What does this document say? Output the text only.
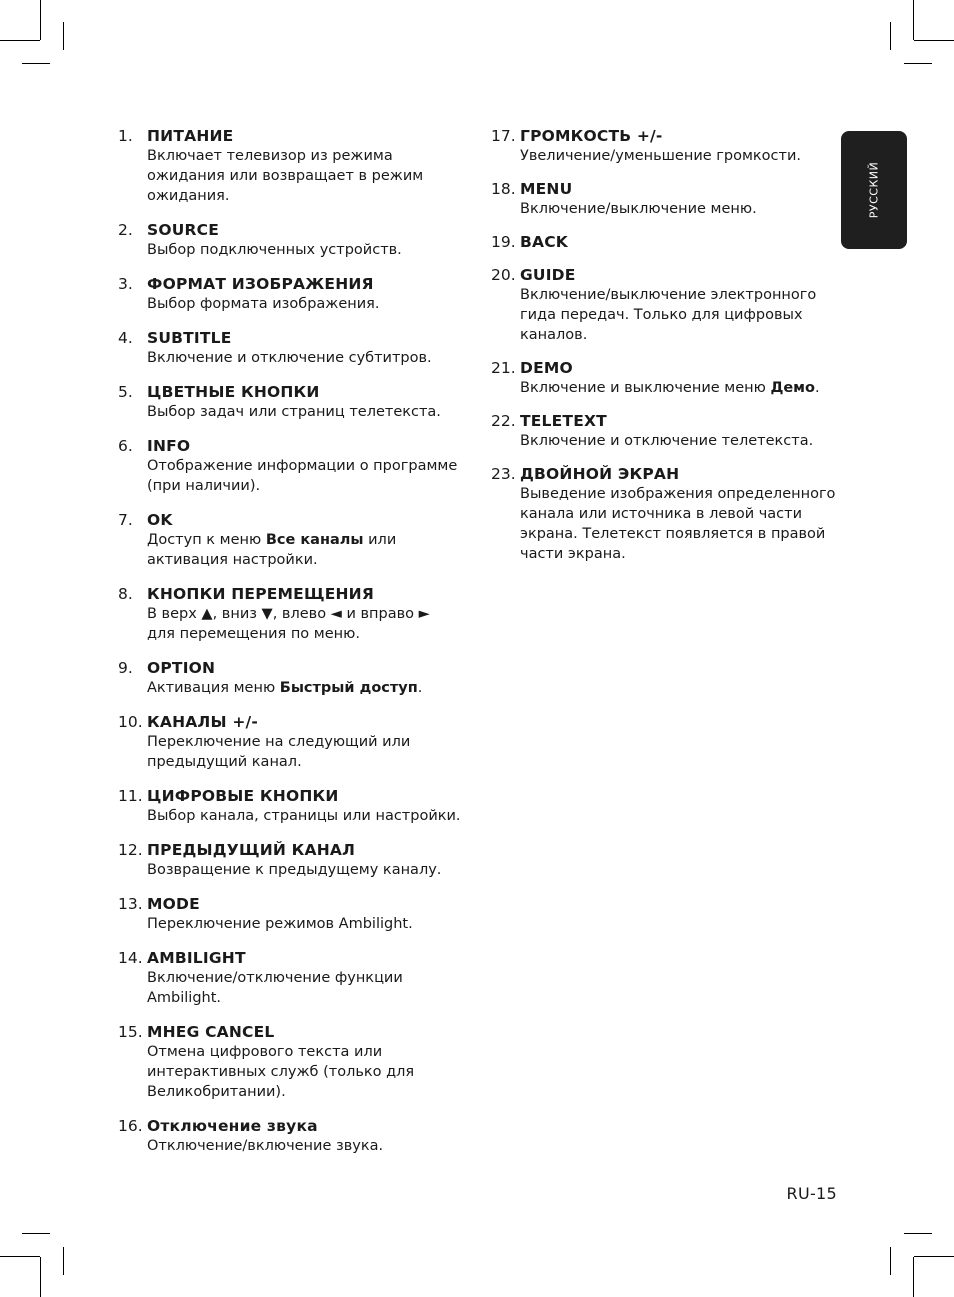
РУССКИЙ
1. ПИТАНИЕ
Включает телевизор из режима
ожидания или возвращает в режим
ожидания.
2. SOURCE
Выбор подключенных устройств.
3. ФОРМАТ ИЗОБРАЖЕНИЯ
Выбор формата изображения.
4. SUBTITLE
Включение и отключение субтитров.
5. ЦВЕТНЫЕ КНОПКИ
Выбор задач или страниц телетекста.
6. INFO
Отображение информации о программе
(при наличии).
7. OK
Доступ к меню Все каналы или
активация настройки.
8. КНОПКИ ПЕРЕМЕЩЕНИЯ
В верх ▲, вниз ▼, влево ◄ и вправо ►
для перемещения по меню.
9. OPTION
Активация меню Быстрый доступ.
10. КАНАЛЫ +/-
Переключение на следующий или
предыдущий канал.
11. ЦИФРОВЫЕ КНОПКИ
Выбор канала, страницы или настройки.
12. ПРЕДЫДУЩИЙ КАНАЛ
Возвращение к предыдущему каналу.
13. MODE
Переключение режимов Ambilight.
14. AMBILIGHT
Включение/отключение функции
Ambilight.
15. MHEG CANCEL
Отмена цифрового текста или
интерактивных служб (только для
Великобритании).
16. Отключение звука
Отключение/включение звука.
17. ГРОМКОСТЬ +/-
Увеличение/уменьшение громкости.
18. MENU
Включение/выключение меню.
19. BACK
20. GUIDE
Включение/выключение электронного
гида передач. Только для цифровых
каналов.
21. DEMO
Включение и выключение меню Демо.
22. TELETEXT
Включение и отключение телетекста.
23. ДВОЙНОЙ ЭКРАН
Выведение изображения определенного
канала или источника в левой части
экрана. Телетекст появляется в правой
части экрана.
RU-15
